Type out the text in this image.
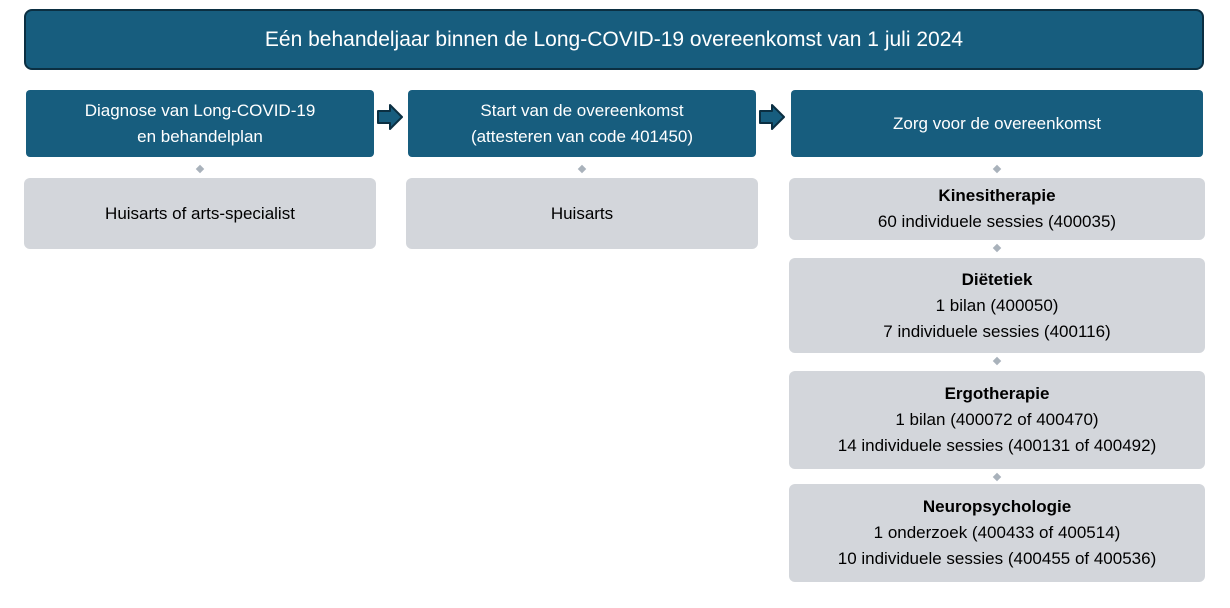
Eén behandeljaar binnen de Long-COVID-19 overeenkomst van 1 juli 2024
Diagnose van Long-COVID-19
en behandelplan
Huisarts of arts-specialist
Start van de overeenkomst
(attesteren van code 401450)
Huisarts
Zorg voor de overeenkomst
Kinesitherapie
60 individuele sessies (400035)
Diëtetiek
1 bilan (400050)
7 individuele sessies (400116)
Ergotherapie
1 bilan (400072 of 400470)
14 individuele sessies (400131 of 400492)
Neuropsychologie
1 onderzoek (400433 of 400514)
10 individuele sessies (400455 of 400536)
